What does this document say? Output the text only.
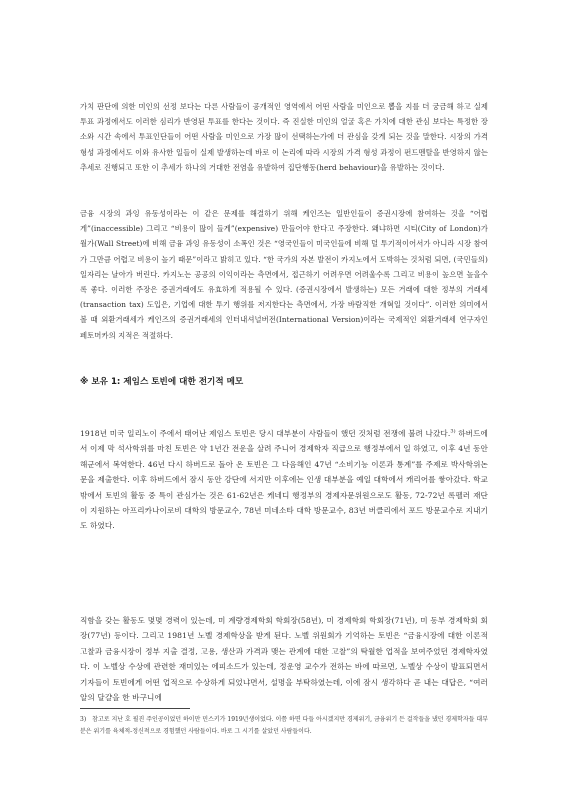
가치 판단에 의한 미인의 선정 보다는 다른 사람들이 공개적인 영역에서 어떤 사람을 미인으로 뽑을 지를 더 궁금해 하고 실제 투표 과정에서도 이러한 심리가 반영된 투표를 한다는 것이다. 즉 진실한 미인의 얼굴 혹은 가치에 대한 관심 보다는 특정한 장소와 시간 속에서 투표인단들이 어떤 사람을 미인으로 가장 많이 선택하는가에 더 관심을 갖게 되는 것을 말한다. 시장의 가격형성 과정에서도 이와 유사한 일들이 실제 발생하는데 바로 이 논리에 따라 시장의 가격 형성 과정이 펀드멘탈을 반영하지 않는 추세로 진행되고 또한 이 추세가 하나의 거대한 전염을 유발하여 집단행동(herd behaviour)을 유발하는 것이다.
금융 시장의 과잉 유동성이라는 이 같은 문제를 해결하기 위해 케인즈는 일반인들이 증권시장에 참여하는 것을 “어렵게”(inaccessible) 그리고 “비용이 많이 들게”(expensive) 만들어야 한다고 주장한다. 왜냐하면 시티(City of London)가 월가(Wall Street)에 비해 금융 과잉 유동성이 소폭인 것은 “영국인들이 미국인들에 비해 덜 투기적이어서가 아니라 시장 참여가 그만큼 어렵고 비용이 높기 때문”이라고 밝히고 있다. “한 국가의 자본 발전이 카지노에서 도박하는 것처럼 되면, (국민들의) 일자리는 날아가 버린다. 카지노는 공공의 이익이라는 측면에서, 접근하기 어려우면 어려울수록 그리고 비용이 높으면 높을수록 좋다. 이러한 주장은 증권거래에도 유효하게 적용될 수 있다. (증권시장에서 발생하는) 모든 거래에 대한 정부의 거래세(transaction tax) 도입은, 기업에 대한 투기 행위를 저지한다는 측면에서, 가장 바람직한 개혁일 것이다”. 이러한 의미에서 볼 때 외환거래세가 케인즈의 증권거래세의 인터내셔널버전(International Version)이라는 국제적인 외환거래세 연구자인 페토머카의 지적은 적절하다.
※ 보유 1: 제임스 토빈에 대한 전기적 메모
1918년 미국 일리노이 주에서 태어난 제임스 토빈은 당시 대부분이 사람들이 했던 것처럼 전쟁에 불려 나갔다.$^{3)}$ 하버드에서 이제 막 석사학위를 마친 토빈은 약 1년간 전운을 살려 주니어 경제학자 직급으로 행정부에서 일 하였고, 이후 4년 동안 해군에서 복역한다. 46년 다시 하버드로 돌아 온 토빈은 그 다음해인 47년 “소비기능 이론과 통계”를 주제로 박사학위논문을 제출한다. 이후 하버드에서 잠시 동안 강단에 서지만 이후에는 인생 대부분을 예일 대학에서 캐리어를 쌓아갔다. 학교 밖에서 토빈의 활동 중 특이 관심가는 것은 61-62년은 케네디 행정부의 경제자문위원으로도 활동, 72-72년 록펠러 재단이 지원하는 아프리카나이로비 대학의 방문교수, 78년 미네소타 대학 방문교수, 83년 버클리에서 포드 방문교수로 지내기도 하였다.
직함을 갖는 활동도 몇몇 경력이 있는데, 미 계량경제학회 학회장(58년), 미 경제학회 학회장(71년), 미 동부 경제학회 회장(77년) 등이다. 그리고 1981년 노벨 경제학상을 받게 된다. 노벨 위원회가 기억하는 토빈은 “금융시장에 대한 이론적 고찰과 금융시장이 정부 지출 결정, 고용, 생산과 가격과 맺는 관계에 대한 고찰”의 탁월한 업적을 보여주었던 경제학자였다. 이 노벨상 수상에 관련한 재미있는 에피소드가 있는데, 정운영 교수가 전하는 바에 따르면, 노벨상 수상이 발표되면서 기자들이 토빈에게 어떤 업적으로 수상하게 되었냐면서, 설명을 부탁하였는데, 이에 잠시 생각하다 곧 내는 대답은, “여러 알의 달걀을 한 바구니에
3) 참고로 지난 호 필진 주인공이었던 하이만 민스키가 1919년생이었다. 이쯤 하면 다들 아시겠지만 경제위기, 금융위기 든 걸작들을 냈던 경제학자들 대부분은 위기를 육체적-정신적으로 경험했던 사람들이다. 바로 그 시기를 살았던 사람들이다.
